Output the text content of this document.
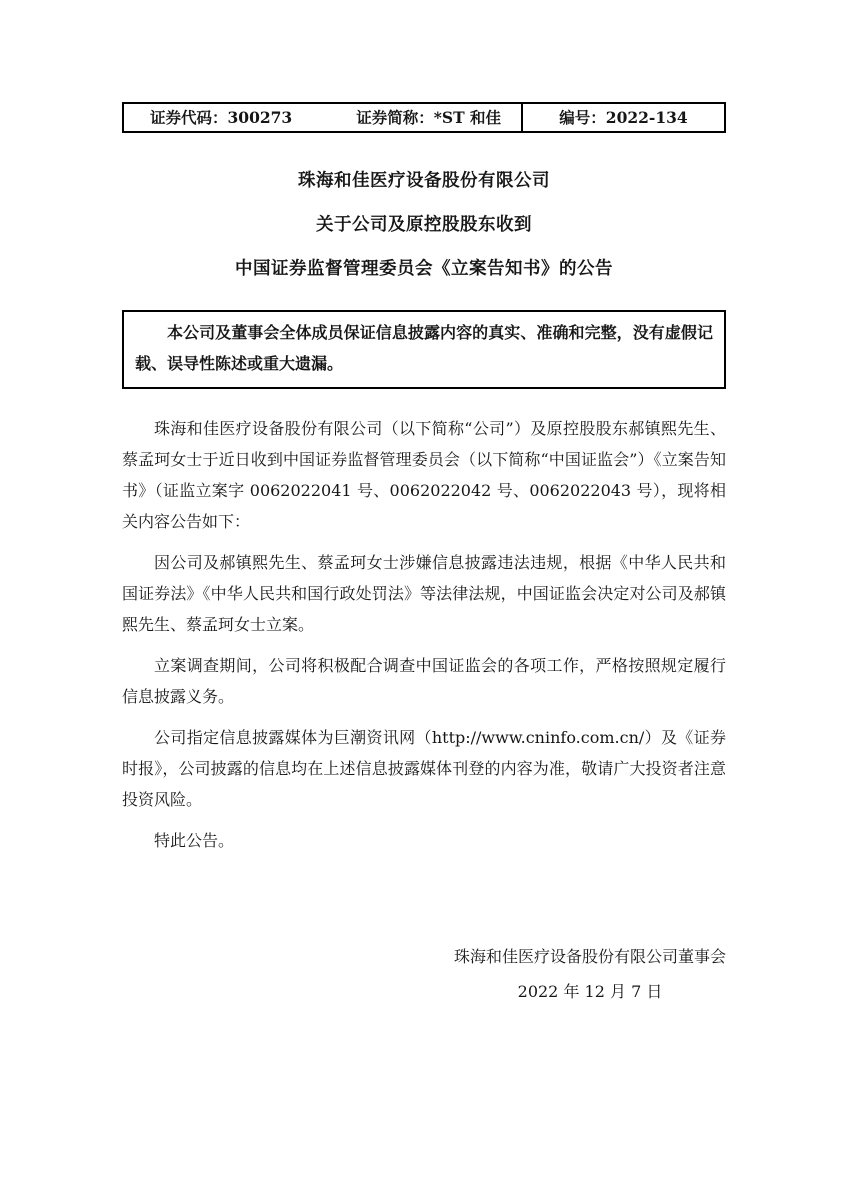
证券代码：300273	证券简称：*ST 和佳	编号：2022-134
珠海和佳医疗设备股份有限公司
关于公司及原控股股东收到
中国证券监督管理委员会《立案告知书》的公告
本公司及董事会全体成员保证信息披露内容的真实、准确和完整，没有虚假记载、误导性陈述或重大遗漏。

珠海和佳医疗设备股份有限公司（以下简称“公司”）及原控股股东郝镇熙先生、蔡孟珂女士于近日收到中国证券监督管理委员会（以下简称“中国证监会”）《立案告知书》（证监立案字 0062022041 号、0062022042 号、0062022043 号），现将相关内容公告如下：

因公司及郝镇熙先生、蔡孟珂女士涉嫌信息披露违法违规，根据《中华人民共和国证券法》《中华人民共和国行政处罚法》等法律法规，中国证监会决定对公司及郝镇熙先生、蔡孟珂女士立案。

立案调查期间，公司将积极配合调查中国证监会的各项工作，严格按照规定履行信息披露义务。

公司指定信息披露媒体为巨潮资讯网（http://www.cninfo.com.cn/）及《证券时报》，公司披露的信息均在上述信息披露媒体刊登的内容为准，敬请广大投资者注意投资风险。

特此公告。

珠海和佳医疗设备股份有限公司董事会
2022 年 12 月 7 日
